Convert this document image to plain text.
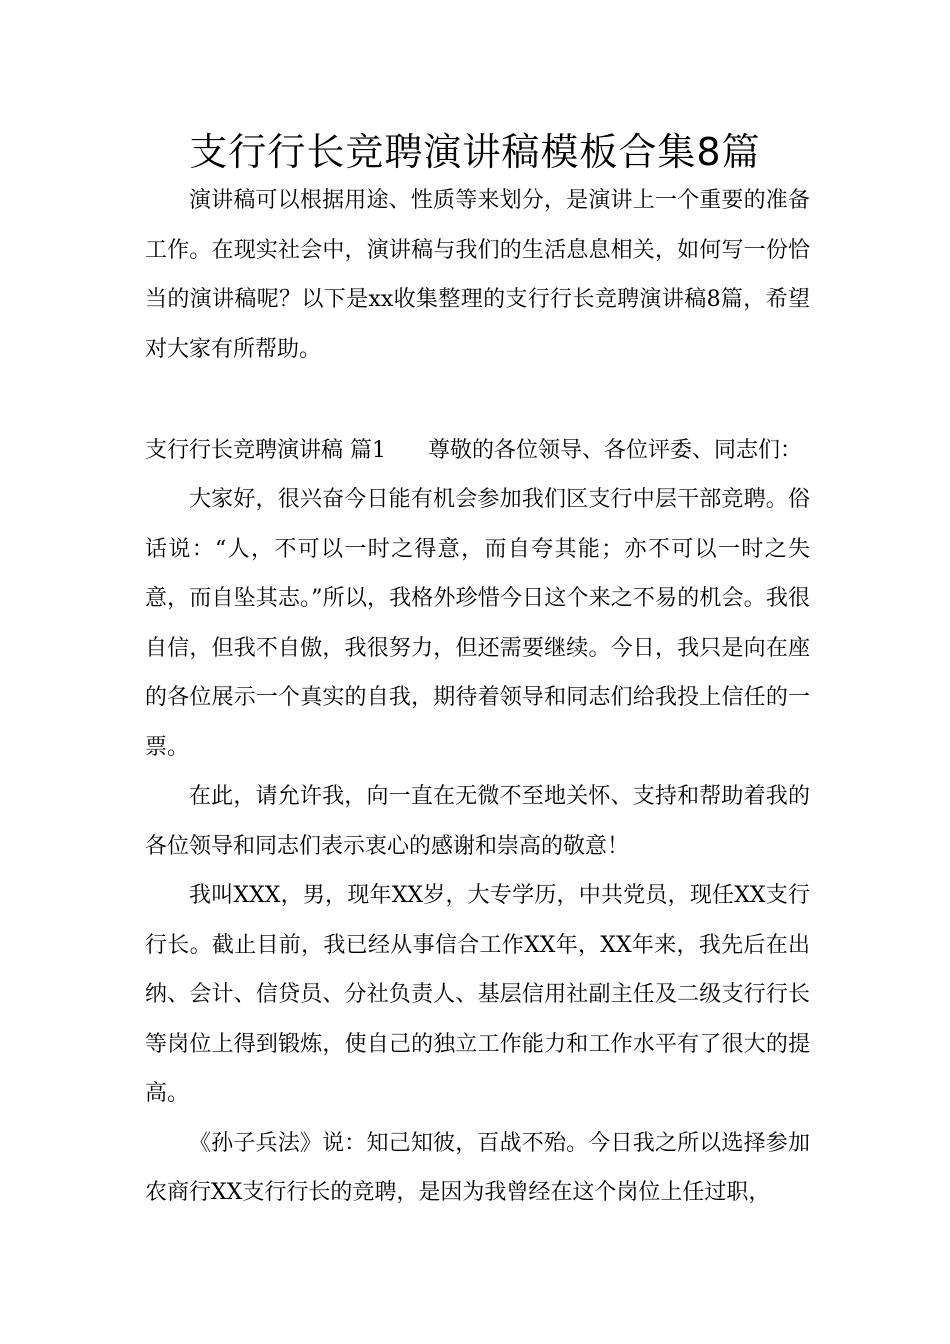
支行行长竞聘演讲稿模板合集8篇

演讲稿可以根据用途、性质等来划分，是演讲上一个重要的准备工作。在现实社会中，演讲稿与我们的生活息息相关，如何写一份恰当的演讲稿呢？以下是xx收集整理的支行行长竞聘演讲稿8篇，希望对大家有所帮助。

支行行长竞聘演讲稿 篇1 尊敬的各位领导、各位评委、同志们：

大家好，很兴奋今日能有机会参加我们区支行中层干部竞聘。俗话说：“人，不可以一时之得意，而自夸其能；亦不可以一时之失意，而自坠其志。”所以，我格外珍惜今日这个来之不易的机会。我很自信，但我不自傲，我很努力，但还需要继续。今日，我只是向在座的各位展示一个真实的自我，期待着领导和同志们给我投上信任的一票。

在此，请允许我，向一直在无微不至地关怀、支持和帮助着我的各位领导和同志们表示衷心的感谢和崇高的敬意！

我叫XXX，男，现年XX岁，大专学历，中共党员，现任XX支行行长。截止目前，我已经从事信合工作XX年，XX年来，我先后在出纳、会计、信贷员、分社负责人、基层信用社副主任及二级支行行长等岗位上得到锻炼，使自己的独立工作能力和工作水平有了很大的提高。

《孙子兵法》说：知己知彼，百战不殆。今日我之所以选择参加农商行XX支行行长的竞聘，是因为我曾经在这个岗位上任过职，
